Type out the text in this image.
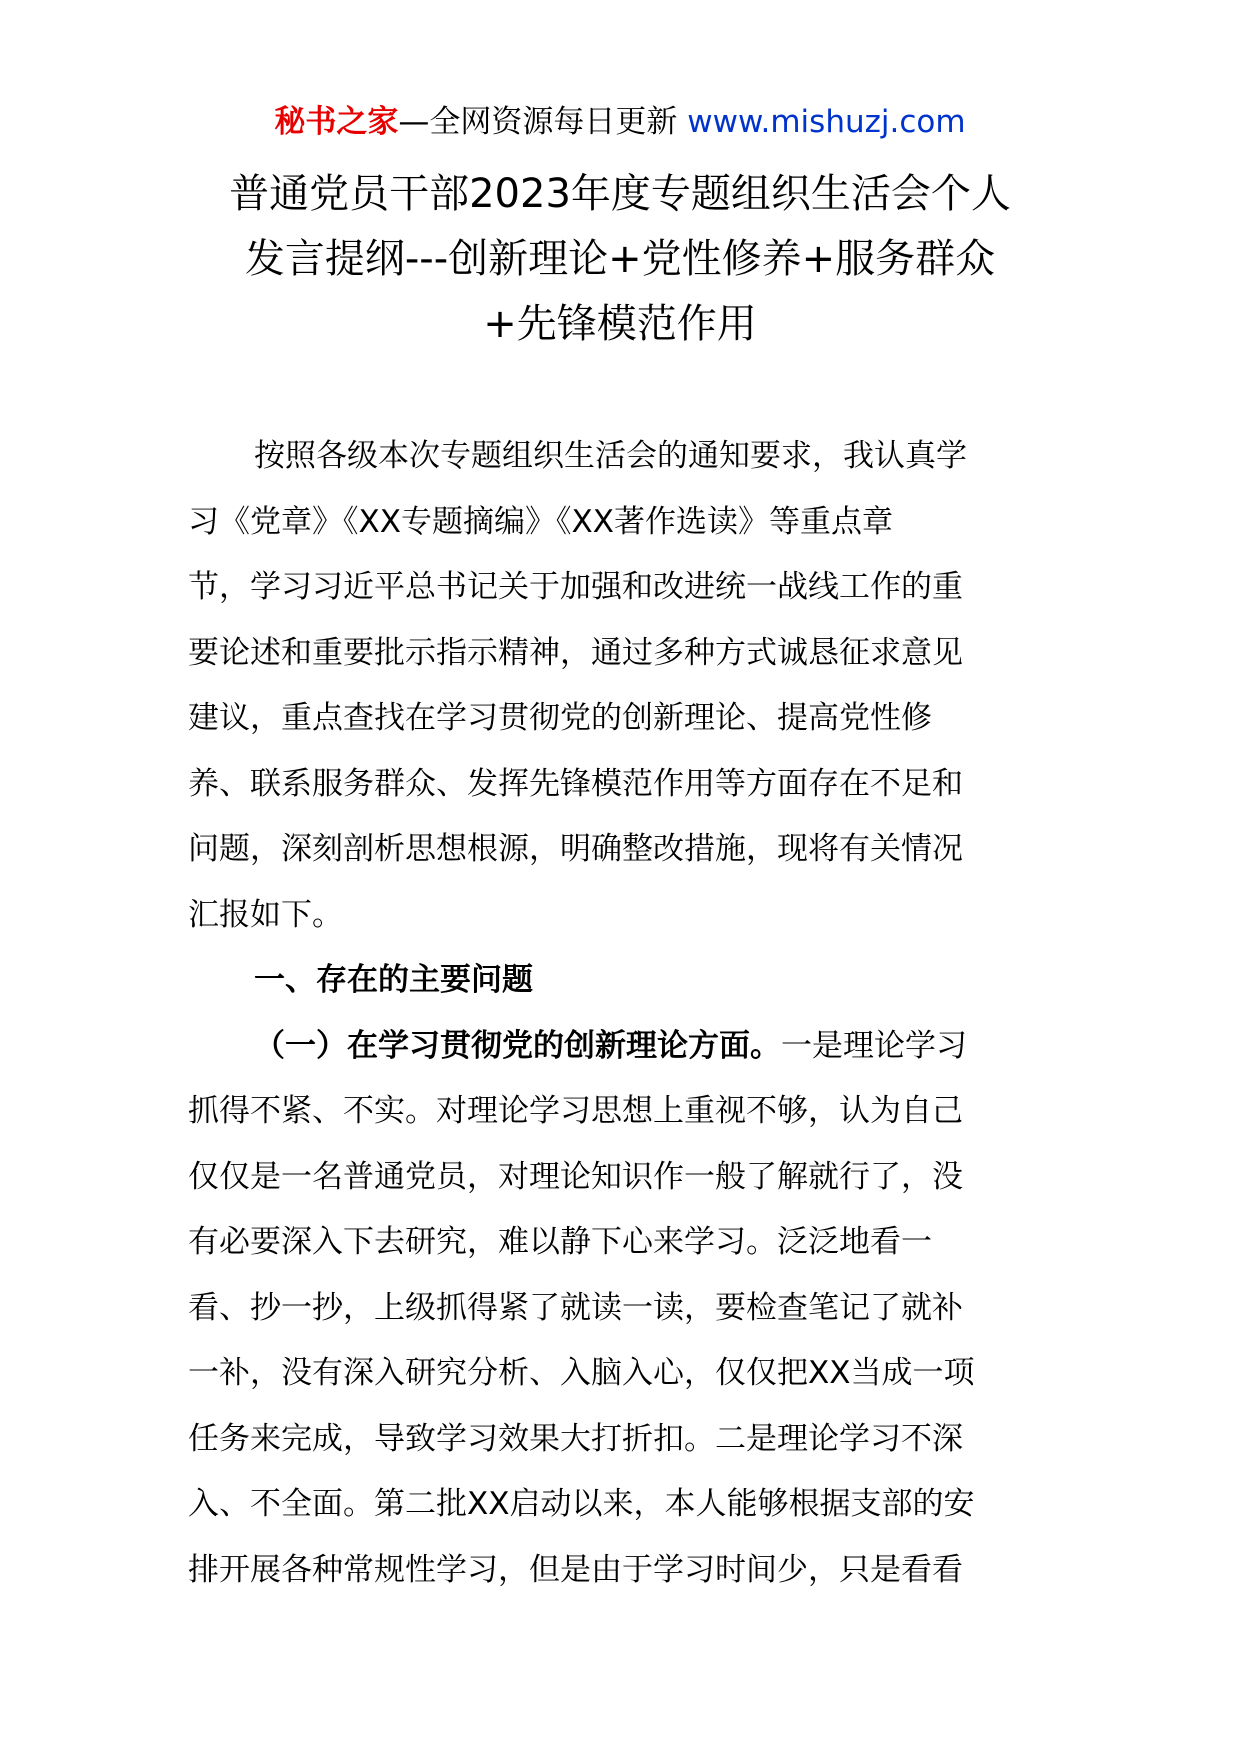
秘书之家—全网资源每日更新 www.mishuzj.com
普通党员干部2023年度专题组织生活会个人
发言提纲---创新理论+党性修养+服务群众
+先锋模范作用
按照各级本次专题组织生活会的通知要求，我认真学
习《党章》《XX专题摘编》《XX著作选读》等重点章
节，学习习近平总书记关于加强和改进统一战线工作的重
要论述和重要批示指示精神，通过多种方式诚恳征求意见
建议，重点查找在学习贯彻党的创新理论、提高党性修
养、联系服务群众、发挥先锋模范作用等方面存在不足和
问题，深刻剖析思想根源，明确整改措施，现将有关情况
汇报如下。
一、存在的主要问题
（一）在学习贯彻党的创新理论方面。一是理论学习
抓得不紧、不实。对理论学习思想上重视不够，认为自己
仅仅是一名普通党员，对理论知识作一般了解就行了，没
有必要深入下去研究，难以静下心来学习。泛泛地看一
看、抄一抄，上级抓得紧了就读一读，要检查笔记了就补
一补，没有深入研究分析、入脑入心，仅仅把XX当成一项
任务来完成，导致学习效果大打折扣。二是理论学习不深
入、不全面。第二批XX启动以来，本人能够根据支部的安
排开展各种常规性学习，但是由于学习时间少，只是看看
